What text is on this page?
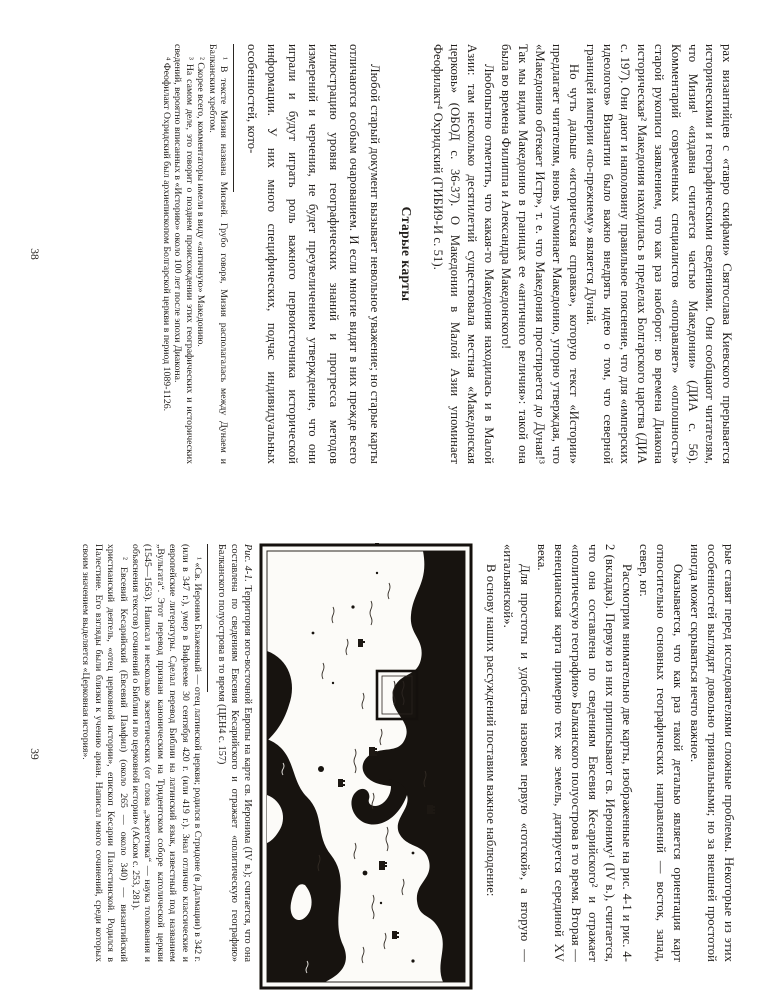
рах византийцев с «тавро скифами» Святослава Киевского прерывается историческими и географическими сведениями. Они сообщают читателям, что Мизия¹ «издавна считается частью Македонии» (ДИА с. 56). Комментарий современных специалистов «поправляет» «оплошность» старой рукописи заявлением, что как раз наоборот: во времена Диакона историческая² Македония находилась в пределах Болгарского царства (ДИА с. 197). Они дают и наполовину правильное пояснение, что для «имперских идеологов» Византии было важно внедрять идею о том, что северной границей империи «по-прежнему» является Дунай.

Но чуть дальше «историческая справка», которую текст «Истории» предлагает читателям, вновь упоминает Македонию, упорно утверждая, что «Македонию обтекает Истр», т. е. что Македония простирается до Дуная!³ Так мы видим Македонию в границах ее «античного величия»: такой она была во времена Филиппа и Александра Македонского!

Любопытно отметить, что какая-то Македония находилась и в Малой Азии: там несколько десятилетий существовала местная «Македонская церковь» (ОБОД с. 36-37). О Македонии в Малой Азии упоминает Феофилакт⁴ Охридский (ГИБИ9-И с. 51).

Старые карты

Любой старый документ вызывает невольное уважение; но старые карты отличаются особым очарованием. И если многие видят в них прежде всего иллюстрацию уровня географических знаний и прогресса методов измерений и черчения, не будет преувеличением утверждение, что они играли и будут играть роль важного первоисточника исторической информации. У них много специфических, подчас индивидуальных особенностей, кото-

¹ В тексте Мизия названа Мисией. Грубо говоря, Мизия располагалась между Дунаем и Балканским хребтом.

² Скорее всего, комментаторы имели в виду «античную» Македонию.

³ На самом деле, это говорит о позднем происхождении этих географических и исторических сведений, вероятно вписанных в «Историю» около 100 лет после эпохи Диакона.

⁴ Феофилакт Охридский был архиепископом Болгарской церкви в период 1089-1126.

38

рые ставят перед исследователями сложные проблемы. Некоторые из этих особенностей выглядят довольно тривиальными; но за внешней простотой иногда может скрываться нечто важное.

Оказывается, что как раз такой деталью является ориентация карт относительно основных географических направлений — восток, запад, север, юг.

Рассмотрим внимательно две карты, изображенные на рис. 4-1 и рис. 4-2 (вкладка). Первую из них приписывают св. Иерониму¹ (IV в.), считается, что она составлена по сведениям Евсевия Кесарийского² и отражает «политическую географию» Балканского полуострова в то время. Вторая — венецианская карта примерно тех же земель, датируется серединой XV века.

Для простоты и удобства назовем первую «готской», а вторую — «итальянской».

В основу наших рассуждений поставим важное наблюдение:

Рис. 4-1. Территория юго-восточной Европы на карте св. Иеронима (IV в.); считается, что она составлена по сведениям Евсевия Кесарийского и отражает «политическую географию» Балканского полуострова в то время (ЦЕН4 с. 157)

¹ «Св. Иероним Блаженный — отец латинской церкви; родился в Стридоне (в Далмации) в 342 г. (или в 347 г.), умер в Вифлееме 30 сентября 420 г. (или 419 г.). Знал отлично классические и европейские литературы. Сделал перевод Библии на латинский язык, известный под названием „Вульгата“. Этот перевод признан каноническим на Тридентском соборе католической церкви (1545—1563). Написал и несколько экзегетических (от слова „экзегетика“ — наука толкования и объяснения текстов) сочинений о Библии и по церковной истории» (АСком с. 253, 281).

² Евсевий Кесарийский (Евсевий Памфил) (около 265 — около 340) — византийский христианский деятель, «отец церковной истории», епископ Кесарии Палестинской. Родился в Палестине. Его взгляды были близки к учению ариан. Написал много сочинений, среди которых своим значением выделяется «Церковная история».

39
